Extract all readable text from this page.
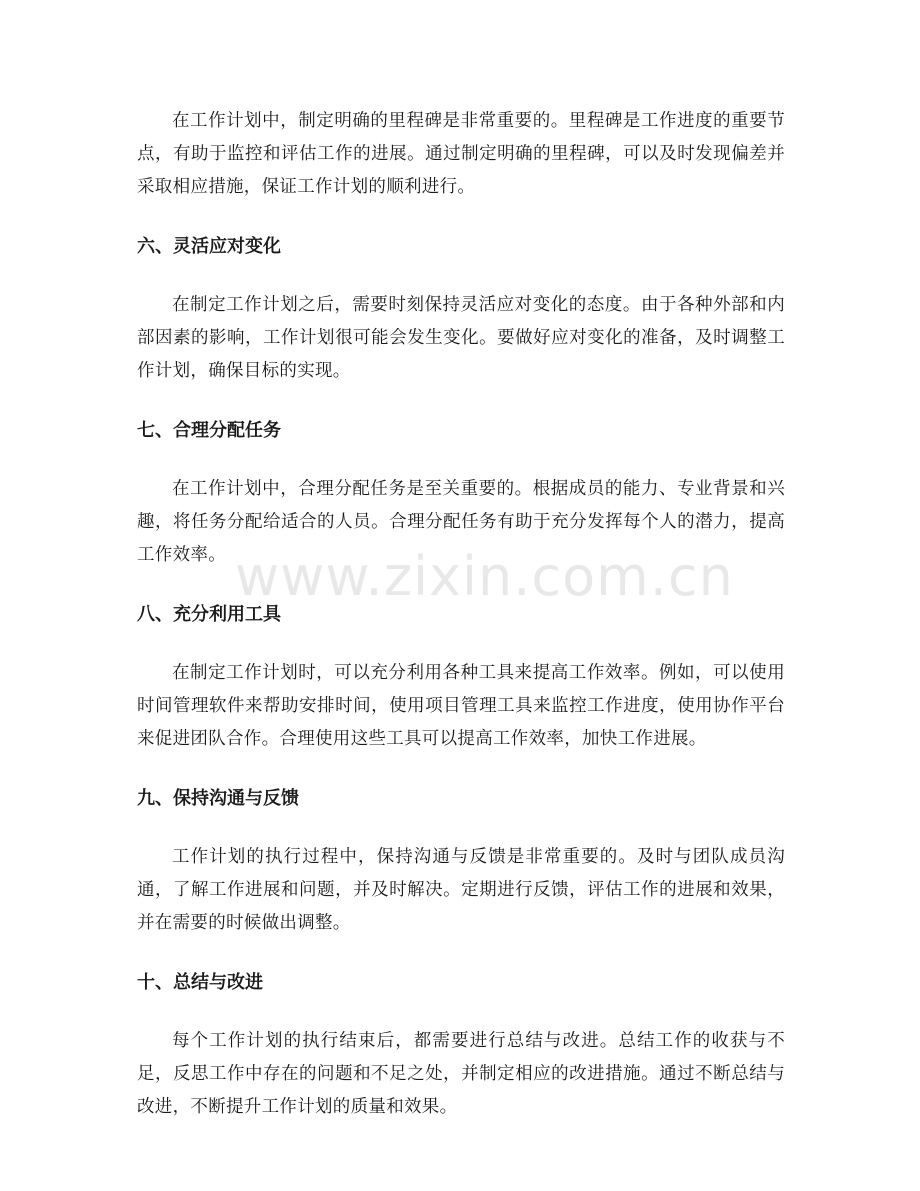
在工作计划中，制定明确的里程碑是非常重要的。里程碑是工作进度的重要节点，有助于监控和评估工作的进展。通过制定明确的里程碑，可以及时发现偏差并采取相应措施，保证工作计划的顺利进行。

六、灵活应对变化

在制定工作计划之后，需要时刻保持灵活应对变化的态度。由于各种外部和内部因素的影响，工作计划很可能会发生变化。要做好应对变化的准备，及时调整工作计划，确保目标的实现。

七、合理分配任务

在工作计划中，合理分配任务是至关重要的。根据成员的能力、专业背景和兴趣，将任务分配给适合的人员。合理分配任务有助于充分发挥每个人的潜力，提高工作效率。

八、充分利用工具

在制定工作计划时，可以充分利用各种工具来提高工作效率。例如，可以使用时间管理软件来帮助安排时间，使用项目管理工具来监控工作进度，使用协作平台来促进团队合作。合理使用这些工具可以提高工作效率，加快工作进展。

九、保持沟通与反馈

工作计划的执行过程中，保持沟通与反馈是非常重要的。及时与团队成员沟通，了解工作进展和问题，并及时解决。定期进行反馈，评估工作的进展和效果，并在需要的时候做出调整。

十、总结与改进

每个工作计划的执行结束后，都需要进行总结与改进。总结工作的收获与不足，反思工作中存在的问题和不足之处，并制定相应的改进措施。通过不断总结与改进，不断提升工作计划的质量和效果。

www.zixin.com.cn
